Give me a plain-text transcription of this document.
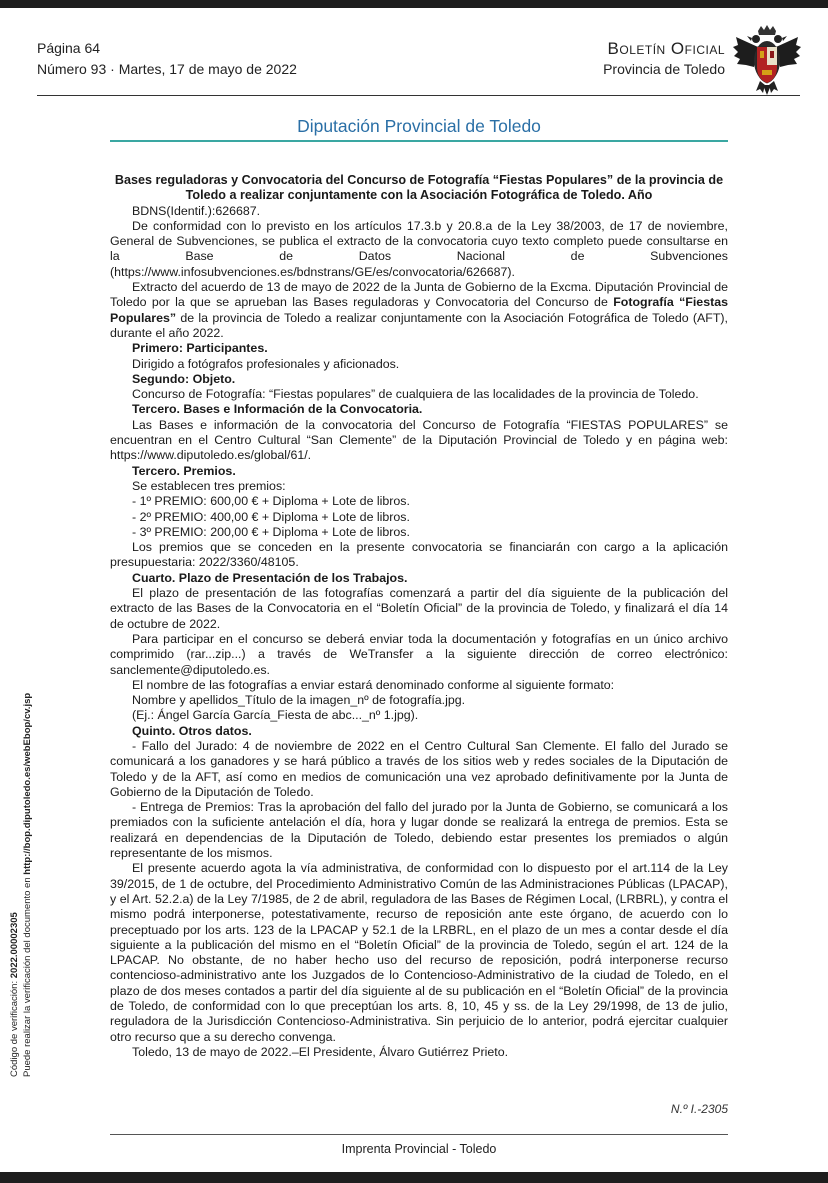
Página 64
Número 93 · Martes, 17 de mayo de 2022
Boletín Oficial
Provincia de Toledo
Diputación Provincial de Toledo

Bases reguladoras y Convocatoria del Concurso de Fotografía “Fiestas Populares” de la provincia de Toledo a realizar conjuntamente con la Asociación Fotográfica de Toledo. Año

BDNS(Identif.):626687.

De conformidad con lo previsto en los artículos 17.3.b y 20.8.a de la Ley 38/2003, de 17 de noviembre, General de Subvenciones, se publica el extracto de la convocatoria cuyo texto completo puede consultarse en la Base de Datos Nacional de Subvenciones (https://www.infosubvenciones.es/bdnstrans/GE/es/convocatoria/626687).

Extracto del acuerdo de 13 de mayo de 2022 de la Junta de Gobierno de la Excma. Diputación Provincial de Toledo por la que se aprueban las Bases reguladoras y Convocatoria del Concurso de Fotografía “Fiestas Populares” de la provincia de Toledo a realizar conjuntamente con la Asociación Fotográfica de Toledo (AFT), durante el año 2022.

Primero: Participantes.

Dirigido a fotógrafos profesionales y aficionados.

Segundo: Objeto.

Concurso de Fotografía: “Fiestas populares” de cualquiera de las localidades de la provincia de Toledo.

Tercero. Bases e Información de la Convocatoria.

Las Bases e información de la convocatoria del Concurso de Fotografía “FIESTAS POPULARES” se encuentran en el Centro Cultural “San Clemente” de la Diputación Provincial de Toledo y en página web: https://www.diputoledo.es/global/61/.

Tercero. Premios.

Se establecen tres premios:

- 1º PREMIO: 600,00 € + Diploma + Lote de libros.

- 2º PREMIO: 400,00 € + Diploma + Lote de libros.

- 3º PREMIO: 200,00 € + Diploma + Lote de libros.

Los premios que se conceden en la presente convocatoria se financiarán con cargo a la aplicación presupuestaria: 2022/3360/48105.

Cuarto. Plazo de Presentación de los Trabajos.

El plazo de presentación de las fotografías comenzará a partir del día siguiente de la publicación del extracto de las Bases de la Convocatoria en el “Boletín Oficial” de la provincia de Toledo, y finalizará el día 14 de octubre de 2022.

Para participar en el concurso se deberá enviar toda la documentación y fotografías en un único archivo comprimido (rar...zip...) a través de WeTransfer a la siguiente dirección de correo electrónico: sanclemente@diputoledo.es.

El nombre de las fotografías a enviar estará denominado conforme al siguiente formato:

Nombre y apellidos_Título de la imagen_nº de fotografía.jpg.

(Ej.: Ángel García García_Fiesta de abc..._nº 1.jpg).

Quinto. Otros datos.

- Fallo del Jurado: 4 de noviembre de 2022 en el Centro Cultural San Clemente. El fallo del Jurado se comunicará a los ganadores y se hará público a través de los sitios web y redes sociales de la Diputación de Toledo y de la AFT, así como en medios de comunicación una vez aprobado definitivamente por la Junta de Gobierno de la Diputación de Toledo.

- Entrega de Premios: Tras la aprobación del fallo del jurado por la Junta de Gobierno, se comunicará a los premiados con la suficiente antelación el día, hora y lugar donde se realizará la entrega de premios. Esta se realizará en dependencias de la Diputación de Toledo, debiendo estar presentes los premiados o algún representante de los mismos.

El presente acuerdo agota la vía administrativa, de conformidad con lo dispuesto por el art.114 de la Ley 39/2015, de 1 de octubre, del Procedimiento Administrativo Común de las Administraciones Públicas (LPACAP), y el Art. 52.2.a) de la Ley 7/1985, de 2 de abril, reguladora de las Bases de Régimen Local, (LRBRL), y contra el mismo podrá interponerse, potestativamente, recurso de reposición ante este órgano, de acuerdo con lo preceptuado por los arts. 123 de la LPACAP y 52.1 de la LRBRL, en el plazo de un mes a contar desde el día siguiente a la publicación del mismo en el “Boletín Oficial” de la provincia de Toledo, según el art. 124 de la LPACAP. No obstante, de no haber hecho uso del recurso de reposición, podrá interponerse recurso contencioso-administrativo ante los Juzgados de lo Contencioso-Administrativo de la ciudad de Toledo, en el plazo de dos meses contados a partir del día siguiente al de su publicación en el “Boletín Oficial” de la provincia de Toledo, de conformidad con lo que preceptúan los arts. 8, 10, 45 y ss. de la Ley 29/1998, de 13 de julio, reguladora de la Jurisdicción Contencioso-Administrativa. Sin perjuicio de lo anterior, podrá ejercitar cualquier otro recurso que a su derecho convenga.

Toledo, 13 de mayo de 2022.–El Presidente, Álvaro Gutiérrez Prieto.

N.º I.-2305
Imprenta Provincial - Toledo
Código de verificación: 2022.00002305 Puede realizar la verificación del documento en http://bop.diputoledo.es/webEbop/cv.jsp
